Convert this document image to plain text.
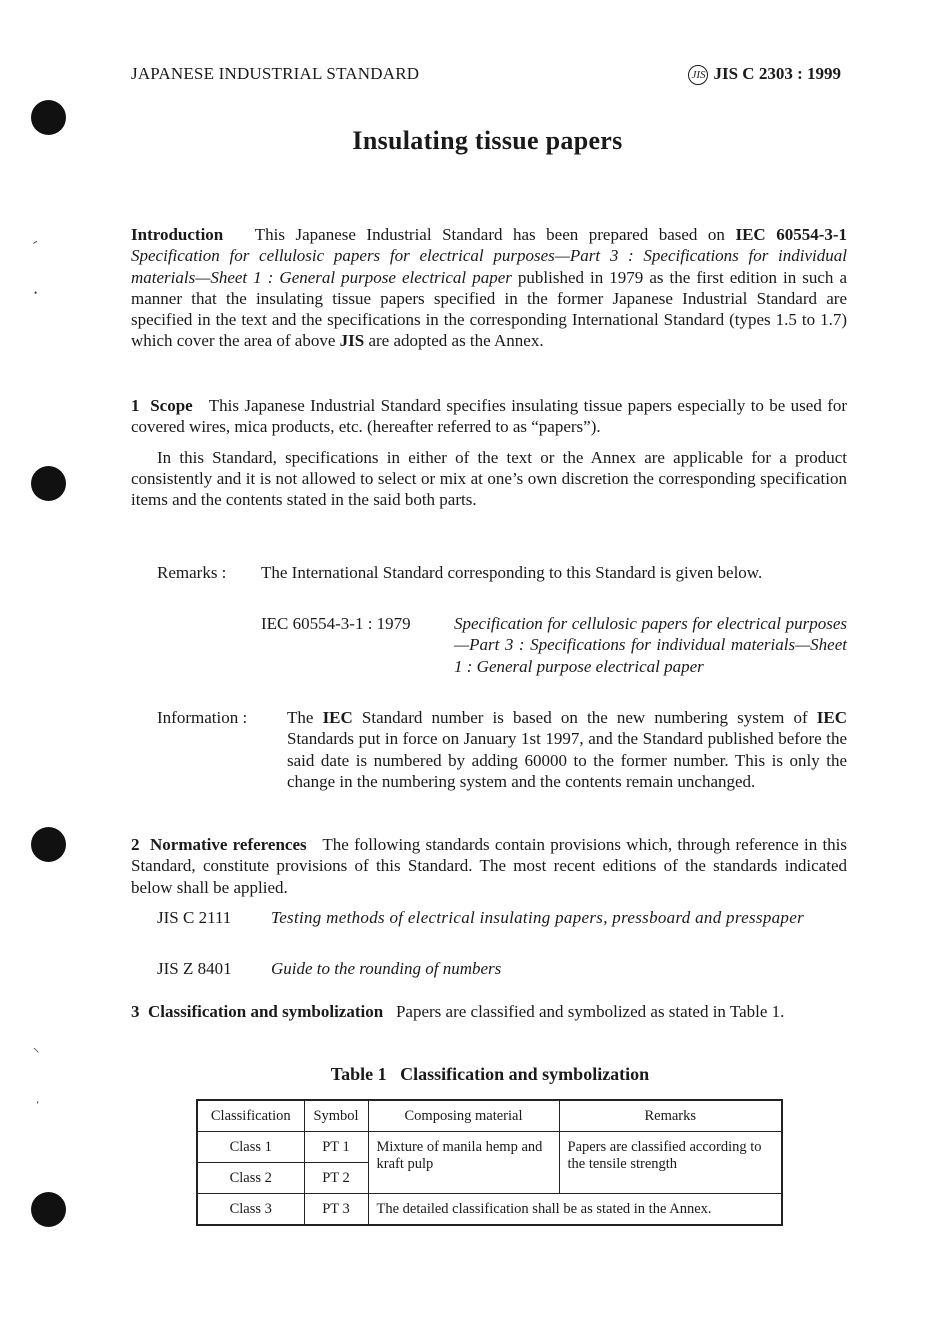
⹝
•
⸌
‘
JAPANESE INDUSTRIAL STANDARD	JIS JIS C 2303 : 1999
Insulating tissue papers

Introduction This Japanese Industrial Standard has been prepared based on IEC 60554-3-1 Specification for cellulosic papers for electrical purposes—Part 3 : Specifications for individual materials—Sheet 1 : General purpose electrical paper published in 1979 as the first edition in such a manner that the insulating tissue papers specified in the former Japanese Industrial Standard are specified in the text and the specifications in the corresponding International Standard (types 1.5 to 1.7) which cover the area of above JIS are adopted as the Annex.

1 Scope This Japanese Industrial Standard specifies insulating tissue papers especially to be used for covered wires, mica products, etc. (hereafter referred to as “papers”).

In this Standard, specifications in either of the text or the Annex are applicable for a product consistently and it is not allowed to select or mix at one’s own discretion the corresponding specification items and the contents stated in the said both parts.

Remarks : The International Standard corresponding to this Standard is given below.
IEC 60554-3-1 : 1979	Specification for cellulosic papers for electrical purposes—Part 3 : Specifications for individual materials—Sheet 1 : General purpose electrical paper
Information : The IEC Standard number is based on the new numbering system of IEC Standards put in force on January 1st 1997, and the Standard published before the said date is numbered by adding 60000 to the former number. This is only the change in the numbering system and the contents remain unchanged.

2 Normative references The following standards contain provisions which, through reference in this Standard, constitute provisions of this Standard. The most recent editions of the standards indicated below shall be applied.

JIS C 2111 Testing methods of electrical insulating papers, pressboard and presspaper
JIS Z 8401 Guide to the rounding of numbers

3 Classification and symbolization Papers are classified and symbolized as stated in Table 1.

Table 1 Classification and symbolization
Classification	Symbol	Composing material	Remarks
Class 1	PT 1	Mixture of manila hemp and kraft pulp	Papers are classified according to the tensile strength
Class 2	PT 2		
Class 3	PT 3	The detailed classification shall be as stated in the Annex.	
